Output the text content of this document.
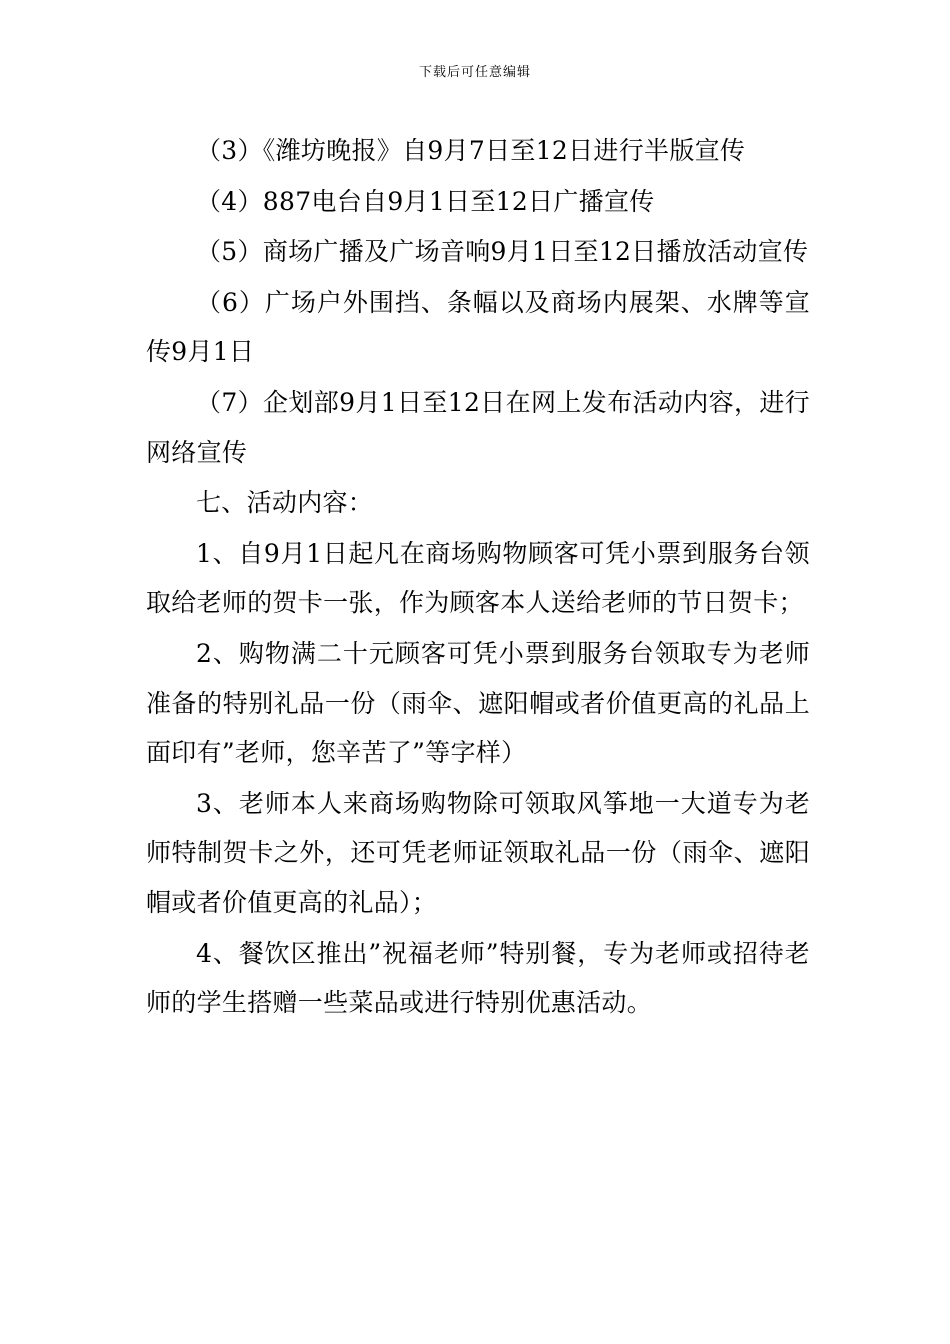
下载后可任意编辑

（3）《潍坊晚报》自9月7日至12日进行半版宣传

（4）887电台自9月1日至12日广播宣传

（5）商场广播及广场音响9月1日至12日播放活动宣传

（6）广场户外围挡、条幅以及商场内展架、水牌等宣传9月1日

（7）企划部9月1日至12日在网上发布活动内容，进行网络宣传

七、活动内容：

1、自9月1日起凡在商场购物顾客可凭小票到服务台领取给老师的贺卡一张，作为顾客本人送给老师的节日贺卡；

2、购物满二十元顾客可凭小票到服务台领取专为老师准备的特别礼品一份（雨伞、遮阳帽或者价值更高的礼品上面印有”老师，您辛苦了”等字样）

3、老师本人来商场购物除可领取风筝地一大道专为老师特制贺卡之外，还可凭老师证领取礼品一份（雨伞、遮阳帽或者价值更高的礼品）；

4、餐饮区推出”祝福老师”特别餐，专为老师或招待老师的学生搭赠一些菜品或进行特别优惠活动。
